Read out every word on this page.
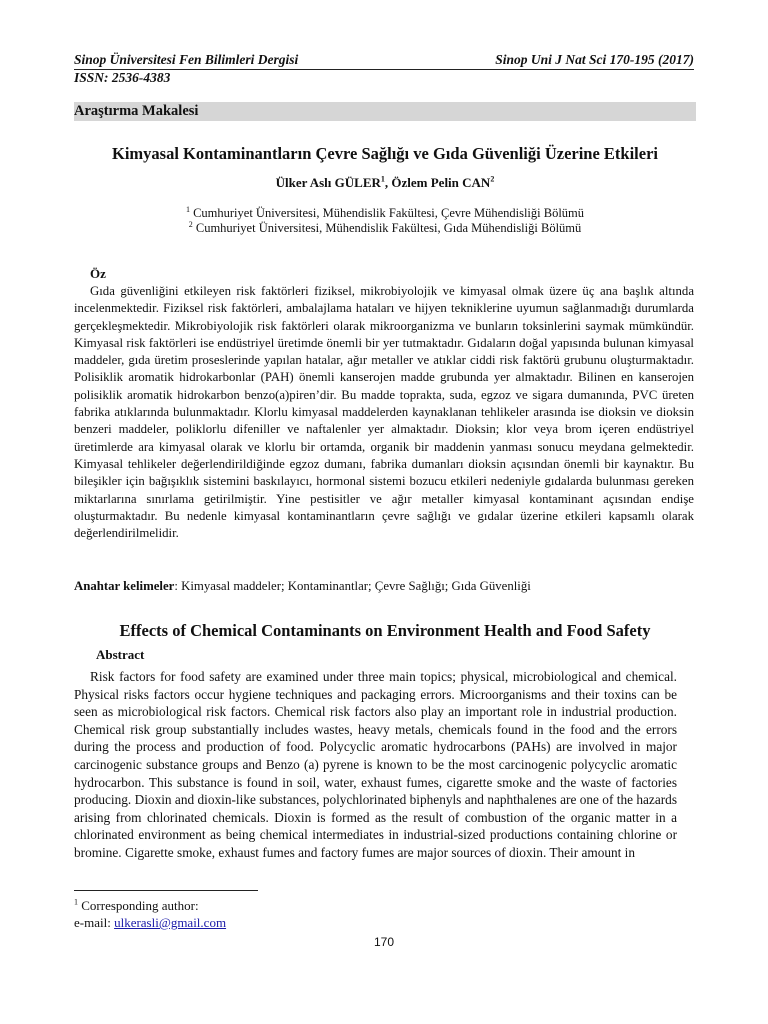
Sinop Üniversitesi Fen Bilimleri Dergisi	Sinop Uni J Nat Sci 170-195 (2017)
ISSN: 2536-4383
Araştırma Makalesi
Kimyasal Kontaminantların Çevre Sağlığı ve Gıda Güvenliği Üzerine Etkileri
Ülker Aslı GÜLER$^1$, Özlem Pelin CAN$^2$
$^1$ Cumhuriyet Üniversitesi, Mühendislik Fakültesi, Çevre Mühendisliği Bölümü
$^2$ Cumhuriyet Üniversitesi, Mühendislik Fakültesi, Gıda Mühendisliği Bölümü
Öz
Gıda güvenliğini etkileyen risk faktörleri fiziksel, mikrobiyolojik ve kimyasal olmak üzere üç ana başlık altında incelenmektedir. Fiziksel risk faktörleri, ambalajlama hataları ve hijyen tekniklerine uyumun sağlanmadığı durumlarda gerçekleşmektedir. Mikrobiyolojik risk faktörleri olarak mikroorganizma ve bunların toksinlerini saymak mümkündür. Kimyasal risk faktörleri ise endüstriyel üretimde önemli bir yer tutmaktadır. Gıdaların doğal yapısında bulunan kimyasal maddeler, gıda üretim proseslerinde yapılan hatalar, ağır metaller ve atıklar ciddi risk faktörü grubunu oluşturmaktadır. Polisiklik aromatik hidrokarbonlar (PAH) önemli kanserojen madde grubunda yer almaktadır. Bilinen en kanserojen polisiklik aromatik hidrokarbon benzo(a)piren’dir. Bu madde toprakta, suda, egzoz ve sigara dumanında, PVC üreten fabrika atıklarında bulunmaktadır. Klorlu kimyasal maddelerden kaynaklanan tehlikeler arasında ise dioksin ve dioksin benzeri maddeler, poliklorlu difeniller ve naftalenler yer almaktadır. Dioksin; klor veya brom içeren endüstriyel üretimlerde ara kimyasal olarak ve klorlu bir ortamda, organik bir maddenin yanması sonucu meydana gelmektedir. Kimyasal tehlikeler değerlendirildiğinde egzoz dumanı, fabrika dumanları dioksin açısından önemli bir kaynaktır. Bu bileşikler için bağışıklık sistemini baskılayıcı, hormonal sistemi bozucu etkileri nedeniyle gıdalarda bulunması gereken miktarlarına sınırlama getirilmiştir. Yine pestisitler ve ağır metaller kimyasal kontaminant açısından endişe oluşturmaktadır. Bu nedenle kimyasal kontaminantların çevre sağlığı ve gıdalar üzerine etkileri kapsamlı olarak değerlendirilmelidir.
Anahtar kelimeler: Kimyasal maddeler; Kontaminantlar; Çevre Sağlığı; Gıda Güvenliği
Effects of Chemical Contaminants on Environment Health and Food Safety
Abstract
Risk factors for food safety are examined under three main topics; physical, microbiological and chemical. Physical risks factors occur hygiene techniques and packaging errors. Microorganisms and their toxins can be seen as microbiological risk factors. Chemical risk factors also play an important role in industrial production. Chemical risk group substantially includes wastes, heavy metals, chemicals found in the food and the errors during the process and production of food. Polycyclic aromatic hydrocarbons (PAHs) are involved in major carcinogenic substance groups and Benzo (a) pyrene is known to be the most carcinogenic polycyclic aromatic hydrocarbon. This substance is found in soil, water, exhaust fumes, cigarette smoke and the waste of factories producing. Dioxin and dioxin-like substances, polychlorinated biphenyls and naphthalenes are one of the hazards arising from chlorinated chemicals. Dioxin is formed as the result of combustion of the organic matter in a chlorinated environment as being chemical intermediates in industrial-sized productions containing chlorine or bromine. Cigarette smoke, exhaust fumes and factory fumes are major sources of dioxin. Their amount in
$^1$ Corresponding author:
e-mail: ulkerasli@gmail.com
170
